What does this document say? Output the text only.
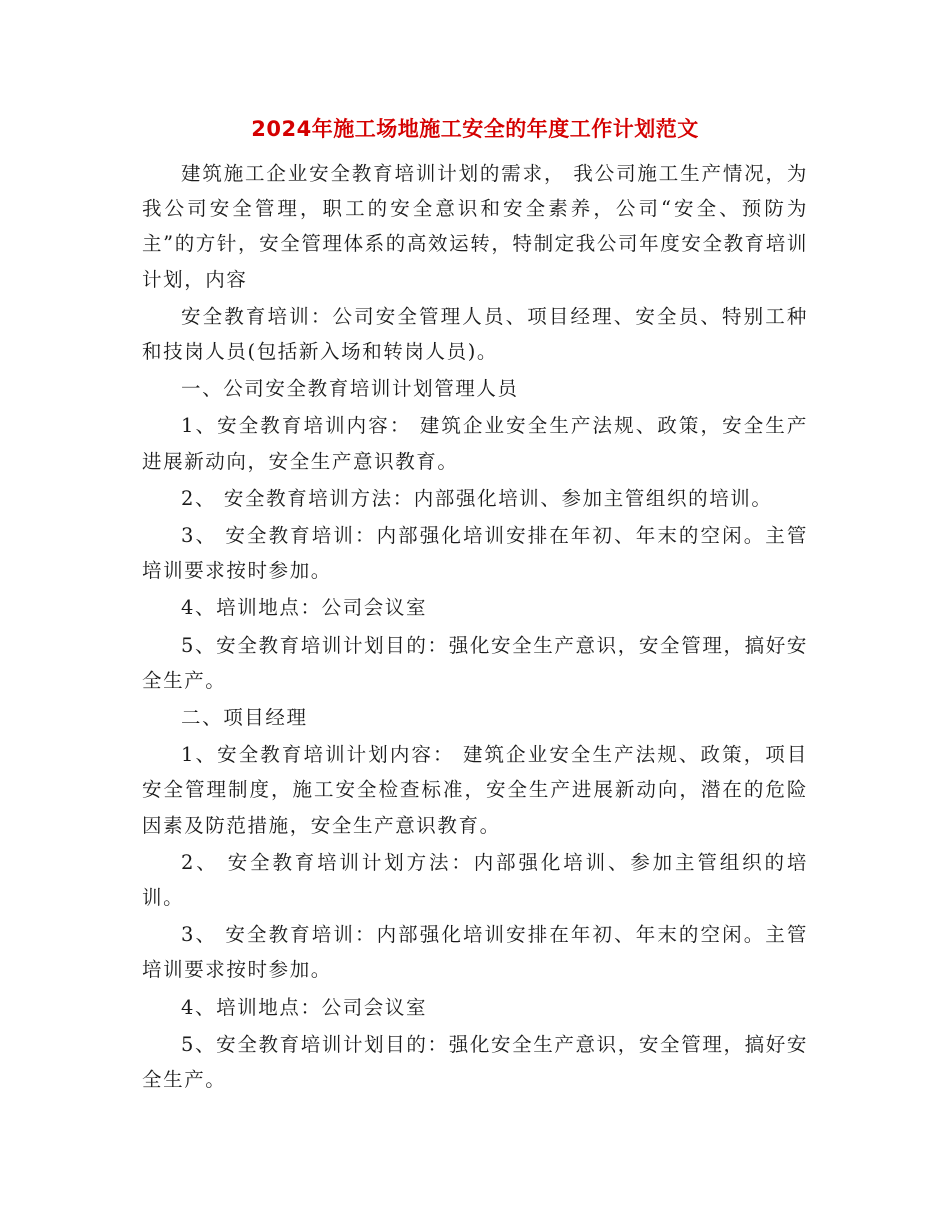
2024年施工场地施工安全的年度工作计划范文

建筑施工企业安全教育培训计划的需求， 我公司施工生产情况，为我公司安全管理，职工的安全意识和安全素养，公司“安全、预防为主”的方针，安全管理体系的高效运转，特制定我公司年度安全教育培训计划，内容

安全教育培训：公司安全管理人员、项目经理、安全员、特别工种和技岗人员(包括新入场和转岗人员)。

一、公司安全教育培训计划管理人员

1、安全教育培训内容： 建筑企业安全生产法规、政策，安全生产进展新动向，安全生产意识教育。

2、 安全教育培训方法：内部强化培训、参加主管组织的培训。

3、 安全教育培训：内部强化培训安排在年初、年末的空闲。主管培训要求按时参加。

4、培训地点：公司会议室

5、安全教育培训计划目的：强化安全生产意识，安全管理，搞好安全生产。

二、项目经理

1、安全教育培训计划内容： 建筑企业安全生产法规、政策，项目安全管理制度，施工安全检查标准，安全生产进展新动向，潜在的危险因素及防范措施，安全生产意识教育。

2、 安全教育培训计划方法：内部强化培训、参加主管组织的培训。

3、 安全教育培训：内部强化培训安排在年初、年末的空闲。主管培训要求按时参加。

4、培训地点：公司会议室

5、安全教育培训计划目的：强化安全生产意识，安全管理，搞好安全生产。
